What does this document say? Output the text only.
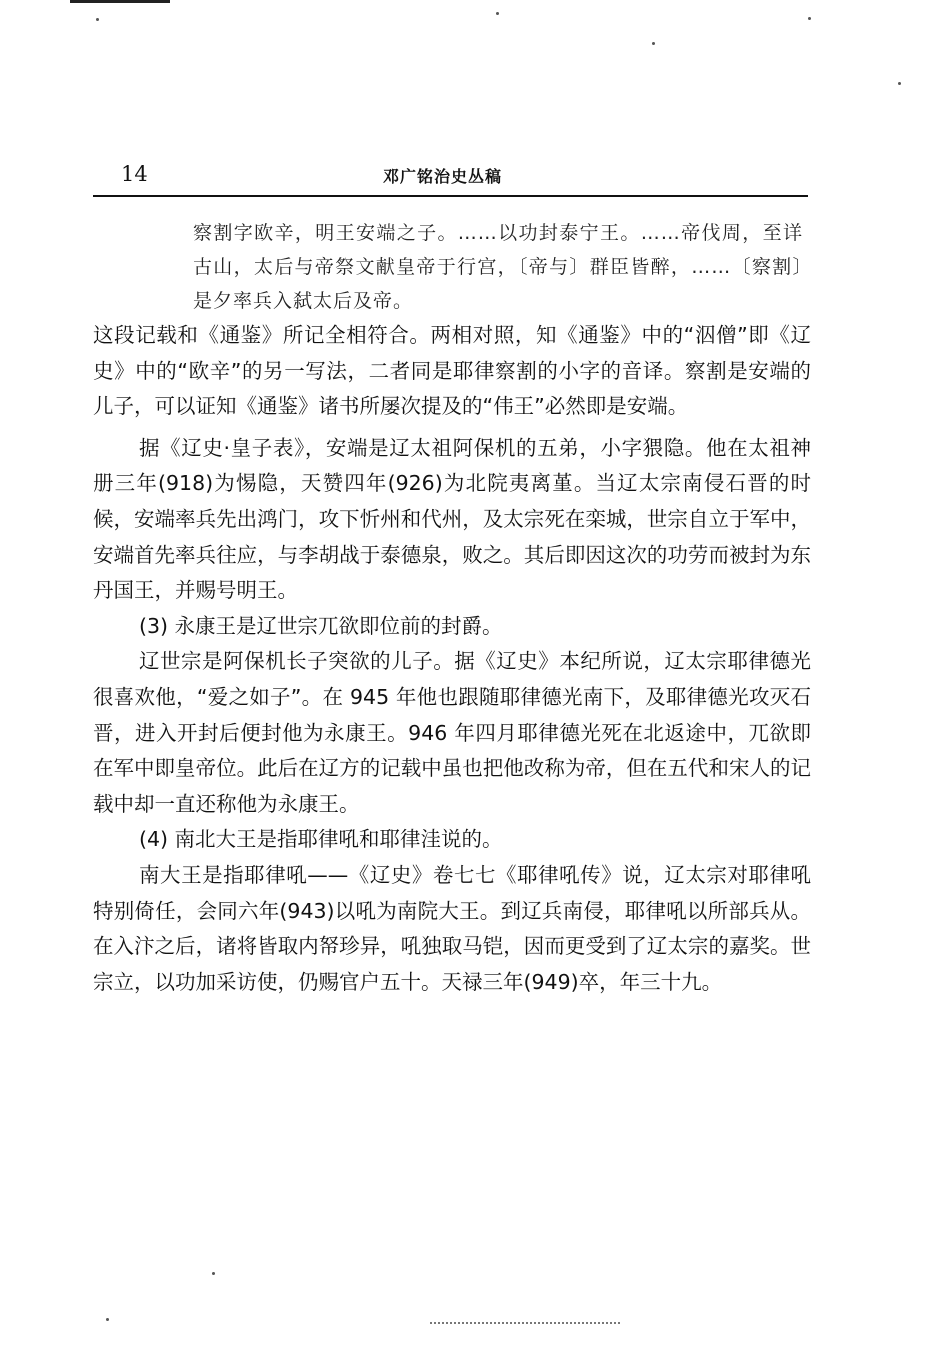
14	邓广铭治史丛稿

察割字欧辛，明王安端之子。……以功封泰宁王。……帝伐周，至详古山，太后与帝祭文献皇帝于行宫，〔帝与〕群臣皆醉，……〔察割〕是夕率兵入弑太后及帝。

这段记载和《通鉴》所记全相符合。两相对照，知《通鉴》中的“泅僧”即《辽史》中的“欧辛”的另一写法，二者同是耶律察割的小字的音译。察割是安端的儿子，可以证知《通鉴》诸书所屡次提及的“伟王”必然即是安端。

据《辽史·皇子表》，安端是辽太祖阿保机的五弟，小字猥隐。他在太祖神册三年(918)为惕隐，天赞四年(926)为北院夷离堇。当辽太宗南侵石晋的时候，安端率兵先出鸿门，攻下忻州和代州，及太宗死在栾城，世宗自立于军中，安端首先率兵往应，与李胡战于泰德泉，败之。其后即因这次的功劳而被封为东丹国王，并赐号明王。

(3) 永康王是辽世宗兀欲即位前的封爵。

辽世宗是阿保机长子突欲的儿子。据《辽史》本纪所说，辽太宗耶律德光很喜欢他，“爱之如子”。在 945 年他也跟随耶律德光南下，及耶律德光攻灭石晋，进入开封后便封他为永康王。946 年四月耶律德光死在北返途中，兀欲即在军中即皇帝位。此后在辽方的记载中虽也把他改称为帝，但在五代和宋人的记载中却一直还称他为永康王。

(4) 南北大王是指耶律吼和耶律洼说的。

南大王是指耶律吼——《辽史》卷七七《耶律吼传》说，辽太宗对耶律吼特别倚任，会同六年(943)以吼为南院大王。到辽兵南侵，耶律吼以所部兵从。在入汴之后，诸将皆取内帑珍异，吼独取马铠，因而更受到了辽太宗的嘉奖。世宗立，以功加采访使，仍赐官户五十。天禄三年(949)卒，年三十九。
